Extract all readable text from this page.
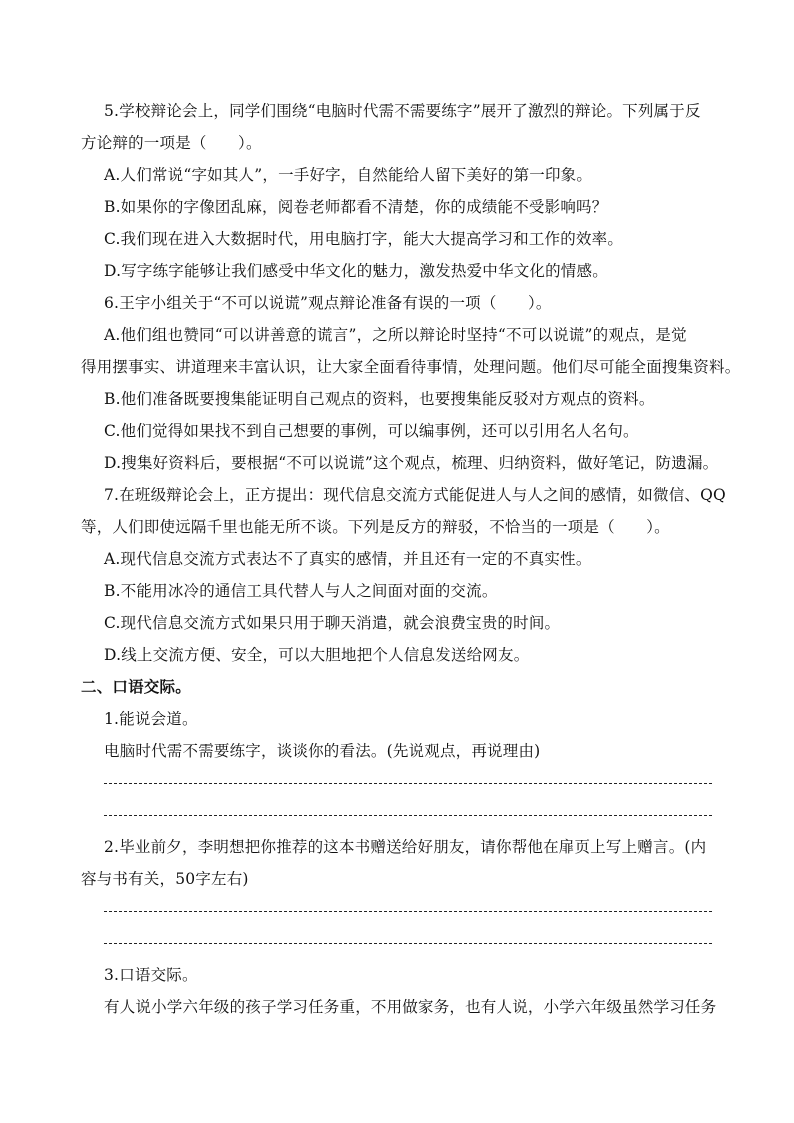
5.学校辩论会上，同学们围绕“电脑时代需不需要练字”展开了激烈的辩论。下列属于反
方论辩的一项是（　　）。
A.人们常说“字如其人”，一手好字，自然能给人留下美好的第一印象。
B.如果你的字像团乱麻，阅卷老师都看不清楚，你的成绩能不受影响吗？
C.我们现在进入大数据时代，用电脑打字，能大大提高学习和工作的效率。
D.写字练字能够让我们感受中华文化的魅力，激发热爱中华文化的情感。
6.王宇小组关于“不可以说谎”观点辩论准备有误的一项（　　）。
A.他们组也赞同“可以讲善意的谎言”，之所以辩论时坚持“不可以说谎”的观点，是觉
得用摆事实、讲道理来丰富认识，让大家全面看待事情，处理问题。他们尽可能全面搜集资料。
B.他们准备既要搜集能证明自己观点的资料，也要搜集能反驳对方观点的资料。
C.他们觉得如果找不到自己想要的事例，可以编事例，还可以引用名人名句。
D.搜集好资料后，要根据“不可以说谎”这个观点，梳理、归纳资料，做好笔记，防遗漏。
7.在班级辩论会上，正方提出：现代信息交流方式能促进人与人之间的感情，如微信、QQ
等，人们即使远隔千里也能无所不谈。下列是反方的辩驳，不恰当的一项是（　　）。
A.现代信息交流方式表达不了真实的感情，并且还有一定的不真实性。
B.不能用冰冷的通信工具代替人与人之间面对面的交流。
C.现代信息交流方式如果只用于聊天消遣，就会浪费宝贵的时间。
D.线上交流方便、安全，可以大胆地把个人信息发送给网友。
二、口语交际。
1.能说会道。
电脑时代需不需要练字，谈谈你的看法。(先说观点，再说理由)
2.毕业前夕，李明想把你推荐的这本书赠送给好朋友，请你帮他在扉页上写上赠言。(内
容与书有关，50字左右)
3.口语交际。
有人说小学六年级的孩子学习任务重，不用做家务，也有人说，小学六年级虽然学习任务
